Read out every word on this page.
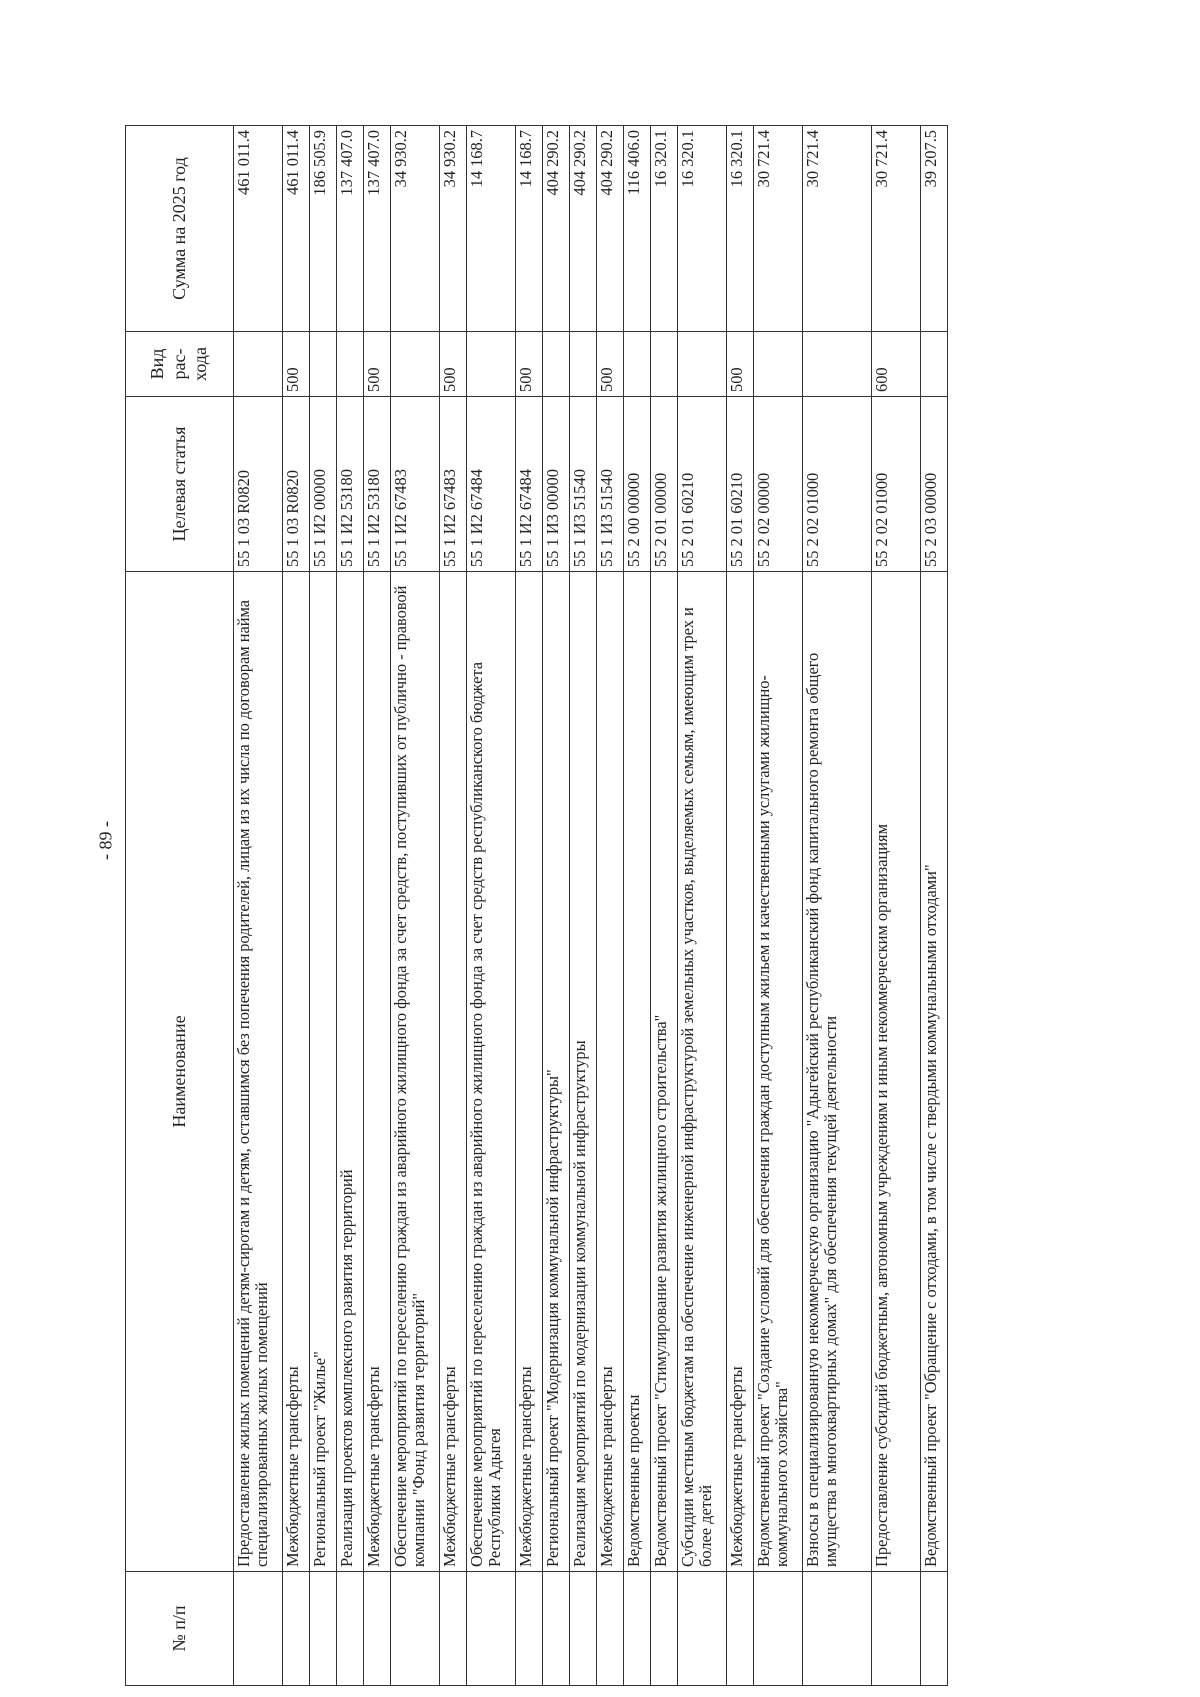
- 89 -
№ п/п	Наименование	Целевая статья	Вид рас-хода	Сумма на 2025 год
	Предоставление жилых помещений детям-сиротам и детям, оставшимся без попечения родителей, лицам из их числа по договорам найма специализированных жилых помещений	55 1 03 R0820		461 011.4
	Межбюджетные трансферты	55 1 03 R0820	500	461 011.4
	Региональный проект "Жилье"	55 1 И2 00000		186 505.9
	Реализация проектов комплексного развития территорий	55 1 И2 53180		137 407.0
	Межбюджетные трансферты	55 1 И2 53180	500	137 407.0
	Обеспечение мероприятий по переселению граждан из аварийного жилищного фонда за счет средств, поступивших от публично - правовой компании "Фонд развития территорий"	55 1 И2 67483		34 930.2
	Межбюджетные трансферты	55 1 И2 67483	500	34 930.2
	Обеспечение мероприятий по переселению граждан из аварийного жилищного фонда за счет средств республиканского бюджета Республики Адыгея	55 1 И2 67484		14 168.7
	Межбюджетные трансферты	55 1 И2 67484	500	14 168.7
	Региональный проект "Модернизация коммунальной инфраструктуры"	55 1 И3 00000		404 290.2
	Реализация мероприятий по модернизации коммунальной инфраструктуры	55 1 И3 51540		404 290.2
	Межбюджетные трансферты	55 1 И3 51540	500	404 290.2
	Ведомственные проекты	55 2 00 00000		116 406.0
	Ведомственный проект "Стимулирование развития жилищного строительства"	55 2 01 00000		16 320.1
	Субсидии местным бюджетам на обеспечение инженерной инфраструктурой земельных участков, выделяемых семьям, имеющим трех и более детей	55 2 01 60210		16 320.1
	Межбюджетные трансферты	55 2 01 60210	500	16 320.1
	Ведомственный проект "Создание условий для обеспечения граждан доступным жильем и качественными услугами жилищно-коммунального хозяйства"	55 2 02 00000		30 721.4
	Взносы в специализированную некоммерческую организацию "Адыгейский республиканский фонд капитального ремонта общего имущества в многоквартирных домах" для обеспечения текущей деятельности	55 2 02 01000		30 721.4
	Предоставление субсидий бюджетным, автономным учреждениям и иным некоммерческим организациям	55 2 02 01000	600	30 721.4
	Ведомственный проект "Обращение с отходами, в том числе с твердыми коммунальными отходами"	55 2 03 00000		39 207.5
